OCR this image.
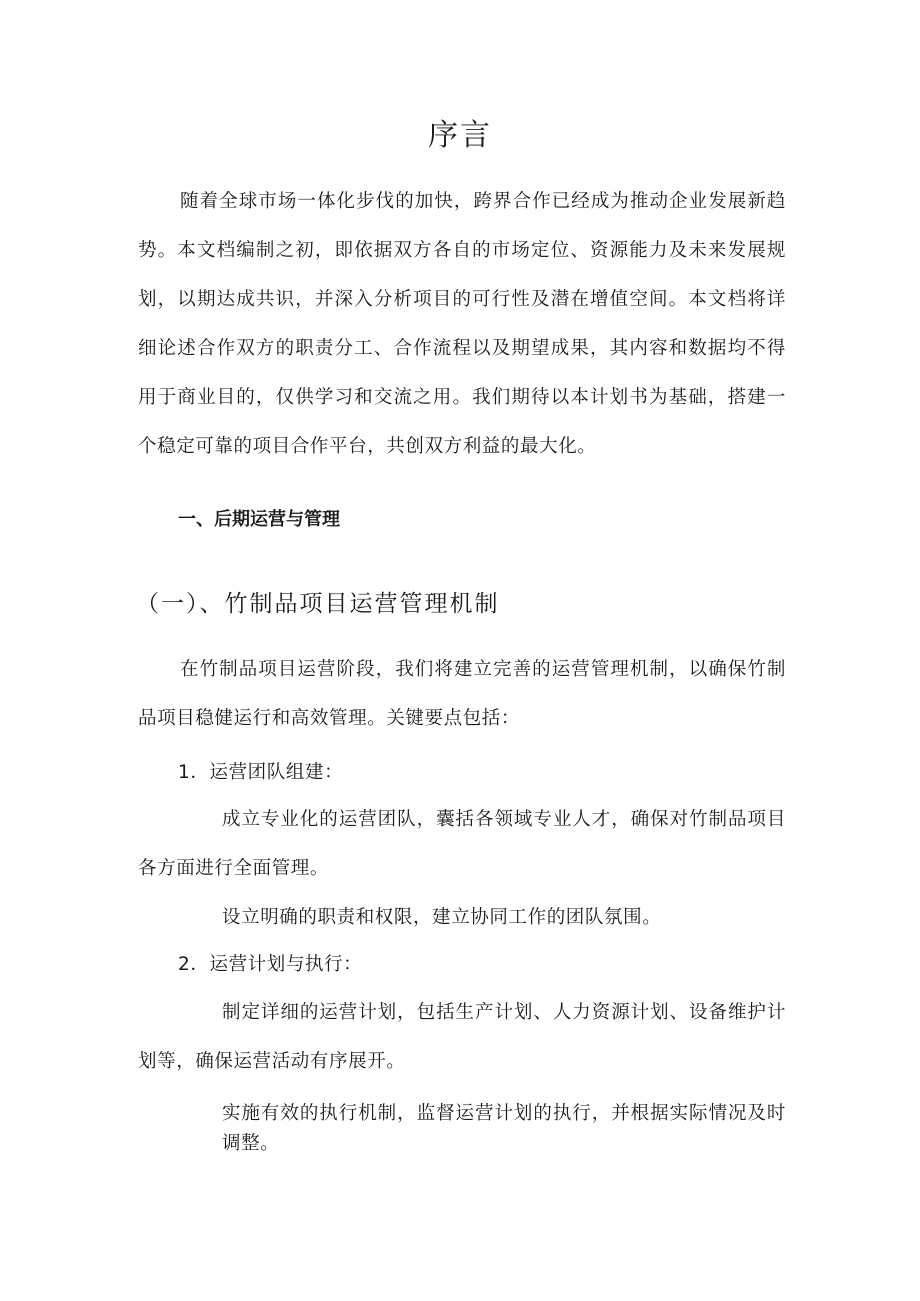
序言

随着全球市场一体化步伐的加快，跨界合作已经成为推动企业发展新趋势。本文档编制之初，即依据双方各自的市场定位、资源能力及未来发展规划，以期达成共识，并深入分析项目的可行性及潜在增值空间。本文档将详细论述合作双方的职责分工、合作流程以及期望成果，其内容和数据均不得用于商业目的，仅供学习和交流之用。我们期待以本计划书为基础，搭建一个稳定可靠的项目合作平台，共创双方利益的最大化。

一、后期运营与管理
（一）、竹制品项目运营管理机制

在竹制品项目运营阶段，我们将建立完善的运营管理机制，以确保竹制品项目稳健运行和高效管理。关键要点包括：

1．运营团队组建：

成立专业化的运营团队，囊括各领域专业人才，确保对竹制品项目各方面进行全面管理。

设立明确的职责和权限，建立协同工作的团队氛围。

2．运营计划与执行：

制定详细的运营计划，包括生产计划、人力资源计划、设备维护计划等，确保运营活动有序展开。

实施有效的执行机制，监督运营计划的执行，并根据实际情况及时调整。
